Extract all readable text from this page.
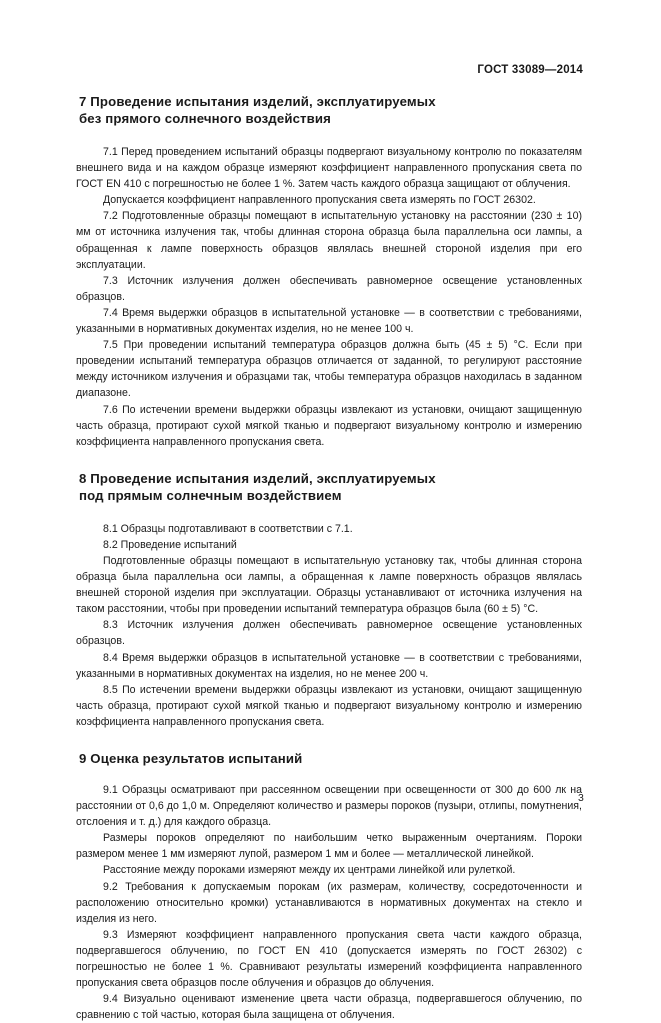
ГОСТ 33089—2014
7 Проведение испытания изделий, эксплуатируемых
без прямого солнечного воздействия

7.1 Перед проведением испытаний образцы подвергают визуальному контролю по показателям внешнего вида и на каждом образце измеряют коэффициент направленного пропускания света по ГОСТ EN 410 с погрешностью не более 1 %. Затем часть каждого образца защищают от облучения.

Допускается коэффициент направленного пропускания света измерять по ГОСТ 26302.

7.2 Подготовленные образцы помещают в испытательную установку на расстоянии (230 ± 10) мм от источника излучения так, чтобы длинная сторона образца была параллельна оси лампы, а обращенная к лампе поверхность образцов являлась внешней стороной изделия при его эксплуатации.

7.3 Источник излучения должен обеспечивать равномерное освещение установленных образцов.

7.4 Время выдержки образцов в испытательной установке — в соответствии с требованиями, указанными в нормативных документах изделия, но не менее 100 ч.

7.5 При проведении испытаний температура образцов должна быть (45 ± 5) °С. Если при проведении испытаний температура образцов отличается от заданной, то регулируют расстояние между источником излучения и образцами так, чтобы температура образцов находилась в заданном диапазоне.

7.6 По истечении времени выдержки образцы извлекают из установки, очищают защищенную часть образца, протирают сухой мягкой тканью и подвергают визуальному контролю и измерению коэффициента направленного пропускания света.

8 Проведение испытания изделий, эксплуатируемых
под прямым солнечным воздействием

8.1 Образцы подготавливают в соответствии с 7.1.

8.2 Проведение испытаний

Подготовленные образцы помещают в испытательную установку так, чтобы длинная сторона образца была параллельна оси лампы, а обращенная к лампе поверхность образцов являлась внешней стороной изделия при эксплуатации. Образцы устанавливают от источника излучения на таком расстоянии, чтобы при проведении испытаний температура образцов была (60 ± 5) °С.

8.3 Источник излучения должен обеспечивать равномерное освещение установленных образцов.

8.4 Время выдержки образцов в испытательной установке — в соответствии с требованиями, указанными в нормативных документах на изделия, но не менее 200 ч.

8.5 По истечении времени выдержки образцы извлекают из установки, очищают защищенную часть образца, протирают сухой мягкой тканью и подвергают визуальному контролю и измерению коэффициента направленного пропускания света.

9 Оценка результатов испытаний

9.1 Образцы осматривают при рассеянном освещении при освещенности от 300 до 600 лк на расстоянии от 0,6 до 1,0 м. Определяют количество и размеры пороков (пузыри, отлипы, помутнения, отслоения и т. д.) для каждого образца.

Размеры пороков определяют по наибольшим четко выраженным очертаниям. Пороки размером менее 1 мм измеряют лупой, размером 1 мм и более — металлической линейкой.

Расстояние между пороками измеряют между их центрами линейкой или рулеткой.

9.2 Требования к допускаемым порокам (их размерам, количеству, сосредоточенности и расположению относительно кромки) устанавливаются в нормативных документах на стекло и изделия из него.

9.3 Измеряют коэффициент направленного пропускания света части каждого образца, подвергавшегося облучению, по ГОСТ EN 410 (допускается измерять по ГОСТ 26302) с погрешностью не более 1 %. Сравнивают результаты измерений коэффициента направленного пропускания света образцов после облучения и образцов до облучения.

9.4 Визуально оценивают изменение цвета части образца, подвергавшегося облучению, по сравнению с той частью, которая была защищена от облучения.

3
